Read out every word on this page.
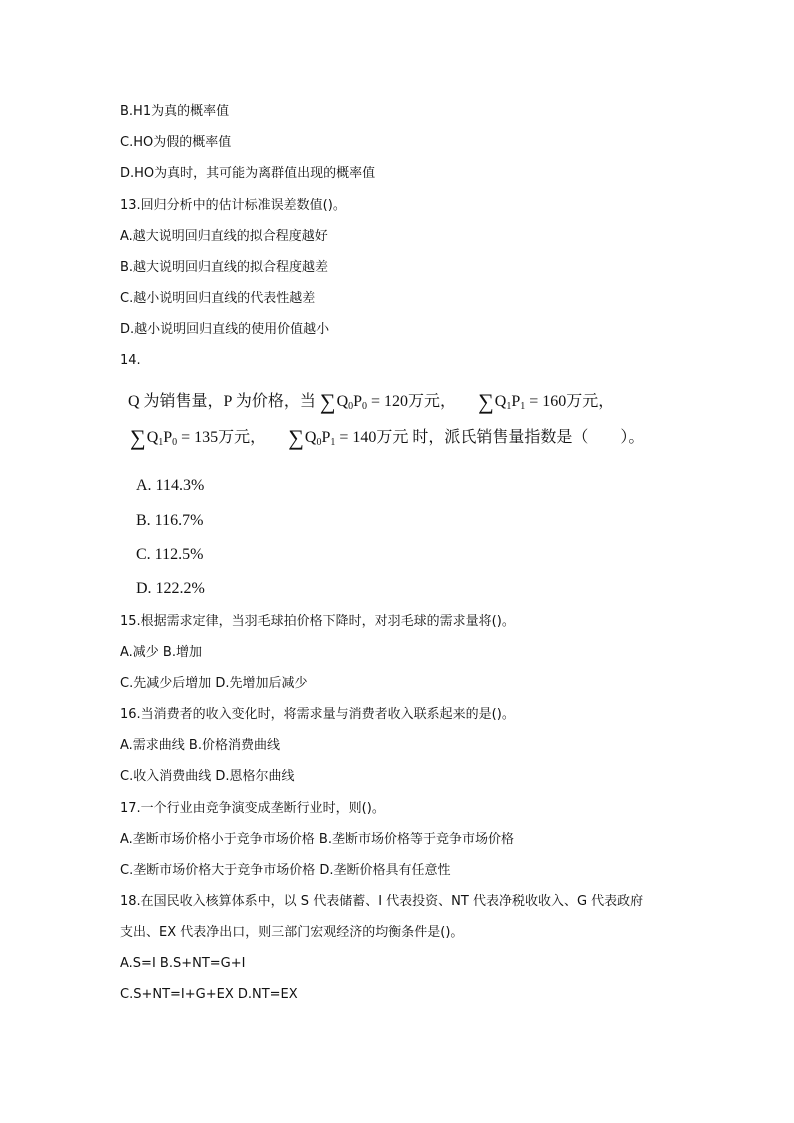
B.H1为真的概率值
C.HO为假的概率值
D.HO为真时，其可能为离群值出现的概率值
13.回归分析中的估计标准误差数值()。
A.越大说明回归直线的拟合程度越好
B.越大说明回归直线的拟合程度越差
C.越小说明回归直线的代表性越差
D.越小说明回归直线的使用价值越小
14.
Q 为销售量，P 为价格，当 $\sum Q_0P_0 = 120$万元， $\sum Q_1P_1 = 160$万元，
$\sum Q_1P_0 = 135$万元， $\sum Q_0P_1 = 140$万元 时，派氏销售量指数是（　　）。
A. 114.3%
B. 116.7%
C. 112.5%
D. 122.2%
15.根据需求定律，当羽毛球拍价格下降时，对羽毛球的需求量将()。
A.减少 B.增加
C.先减少后增加 D.先增加后减少
16.当消费者的收入变化时，将需求量与消费者收入联系起来的是()。
A.需求曲线 B.价格消费曲线
C.收入消费曲线 D.恩格尔曲线
17.一个行业由竞争演变成垄断行业时，则()。
A.垄断市场价格小于竞争市场价格 B.垄断市场价格等于竞争市场价格
C.垄断市场价格大于竞争市场价格 D.垄断价格具有任意性
18.在国民收入核算体系中，以 S 代表储蓄、I 代表投资、NT 代表净税收收入、G 代表政府
支出、EX 代表净出口，则三部门宏观经济的均衡条件是()。
A.S=I B.S+NT=G+I
C.S+NT=I+G+EX D.NT=EX
